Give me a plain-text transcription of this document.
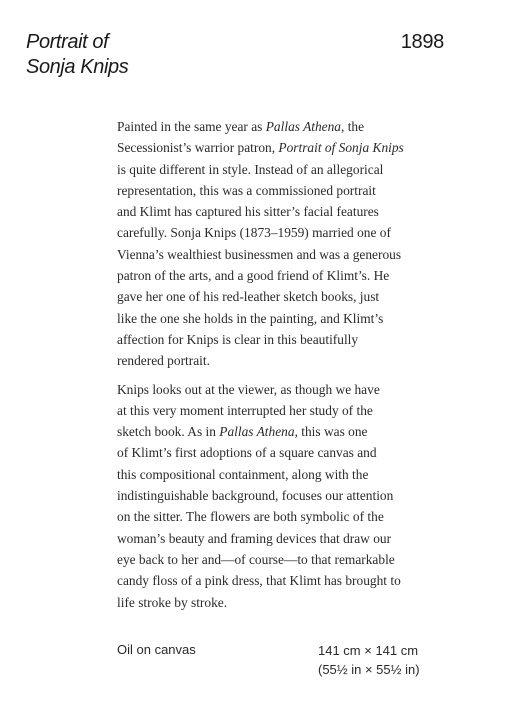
Portrait of
Sonja Knips
1898
Painted in the same year as Pallas Athena, the
Secessionist’s warrior patron, Portrait of Sonja Knips
is quite different in style. Instead of an allegorical
representation, this was a commissioned portrait
and Klimt has captured his sitter’s facial features
carefully. Sonja Knips (1873–1959) married one of
Vienna’s wealthiest businessmen and was a generous
patron of the arts, and a good friend of Klimt’s. He
gave her one of his red-leather sketch books, just
like the one she holds in the painting, and Klimt’s
affection for Knips is clear in this beautifully
rendered portrait.
Knips looks out at the viewer, as though we have
at this very moment interrupted her study of the
sketch book. As in Pallas Athena, this was one
of Klimt’s first adoptions of a square canvas and
this compositional containment, along with the
indistinguishable background, focuses our attention
on the sitter. The flowers are both symbolic of the
woman’s beauty and framing devices that draw our
eye back to her and—of course—to that remarkable
candy floss of a pink dress, that Klimt has brought to
life stroke by stroke.
Oil on canvas	141 cm × 141 cm
(55½ in × 55½ in)
